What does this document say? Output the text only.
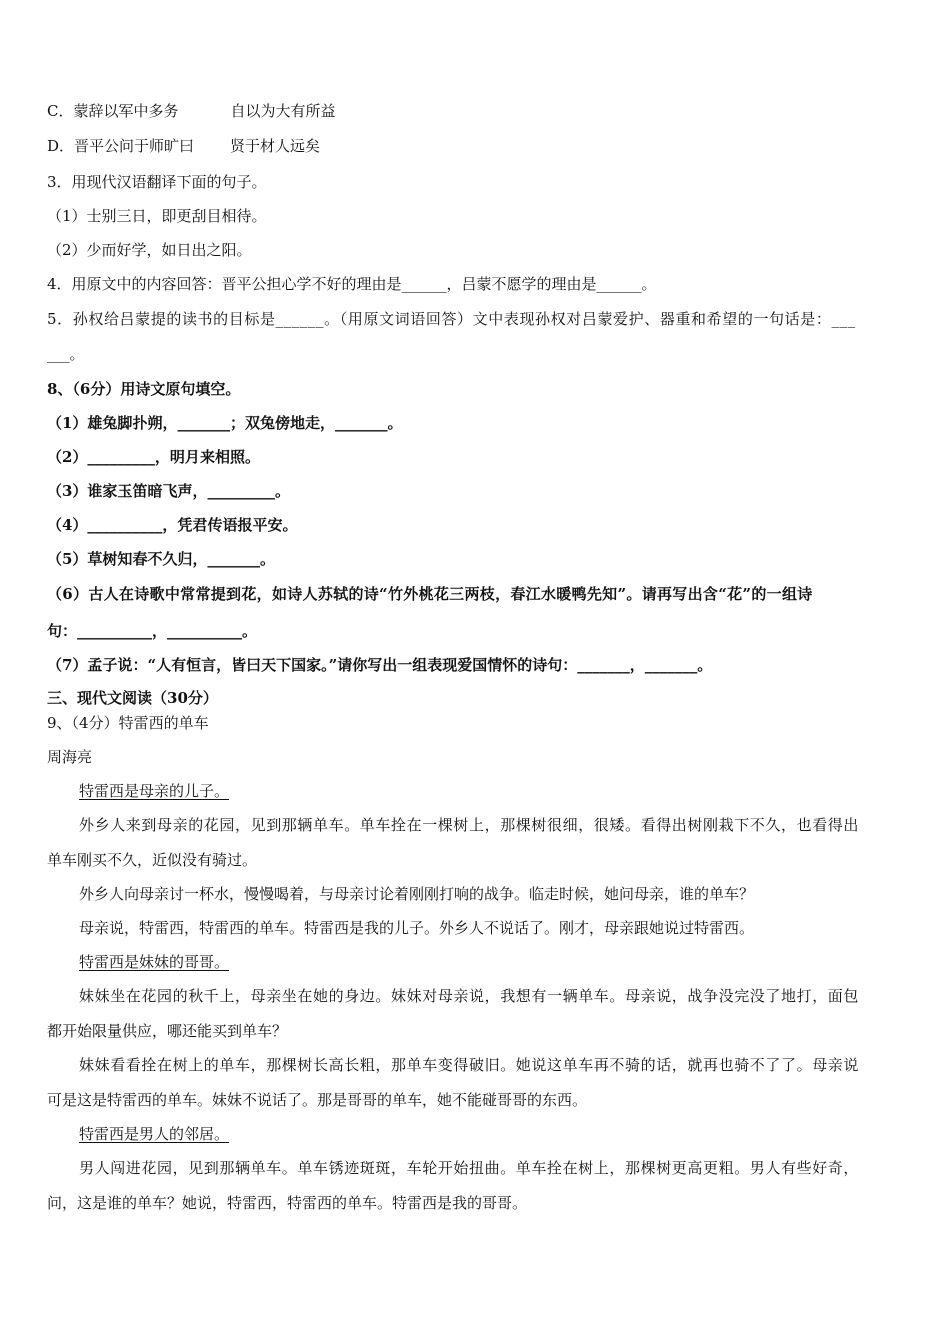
C．蒙辞以军中多务	自以为大有所益
D．晋平公问于师旷曰 贤于材人远矣
3．用现代汉语翻译下面的句子。
（1）士别三日，即更刮目相待。
（2）少而好学，如日出之阳。
4．用原文中的内容回答：晋平公担心学不好的理由是______，吕蒙不愿学的理由是______。
5．孙权给吕蒙提的读书的目标是______。（用原文词语回答）文中表现孙权对吕蒙爱护、器重和希望的一句话是：___
___。
8、（6分）用诗文原句填空。
（1）雄兔脚扑朔，_______；双兔傍地走，_______。
（2）_________，明月来相照。
（3）谁家玉笛暗飞声，_________。
（4）__________，凭君传语报平安。
（5）草树知春不久归，_______。
（6）古人在诗歌中常常提到花，如诗人苏轼的诗“竹外桃花三两枝，春江水暖鸭先知”。请再写出含“花”的一组诗
句：__________，__________。
（7）孟子说：“人有恒言，皆曰天下国家。”请你写出一组表现爱国情怀的诗句：_______，_______。
三、现代文阅读（30分）
9、（4分）特雷西的单车
周海亮
特雷西是母亲的儿子。
外乡人来到母亲的花园，见到那辆单车。单车拴在一棵树上，那棵树很细，很矮。看得出树刚栽下不久，也看得出
单车刚买不久，近似没有骑过。
外乡人向母亲讨一杯水，慢慢喝着，与母亲讨论着刚刚打响的战争。临走时候，她问母亲，谁的单车？
母亲说，特雷西，特雷西的单车。特雷西是我的儿子。外乡人不说话了。刚才，母亲跟她说过特雷西。
特雷西是妹妹的哥哥。
妹妹坐在花园的秋千上，母亲坐在她的身边。妹妹对母亲说，我想有一辆单车。母亲说，战争没完没了地打，面包
都开始限量供应，哪还能买到单车？
妹妹看看拴在树上的单车，那棵树长高长粗，那单车变得破旧。她说这单车再不骑的话，就再也骑不了了。母亲说
可是这是特雷西的单车。妹妹不说话了。那是哥哥的单车，她不能碰哥哥的东西。
特雷西是男人的邻居。
男人闯进花园，见到那辆单车。单车锈迹斑斑，车轮开始扭曲。单车拴在树上，那棵树更高更粗。男人有些好奇，
问，这是谁的单车？她说，特雷西，特雷西的单车。特雷西是我的哥哥。
